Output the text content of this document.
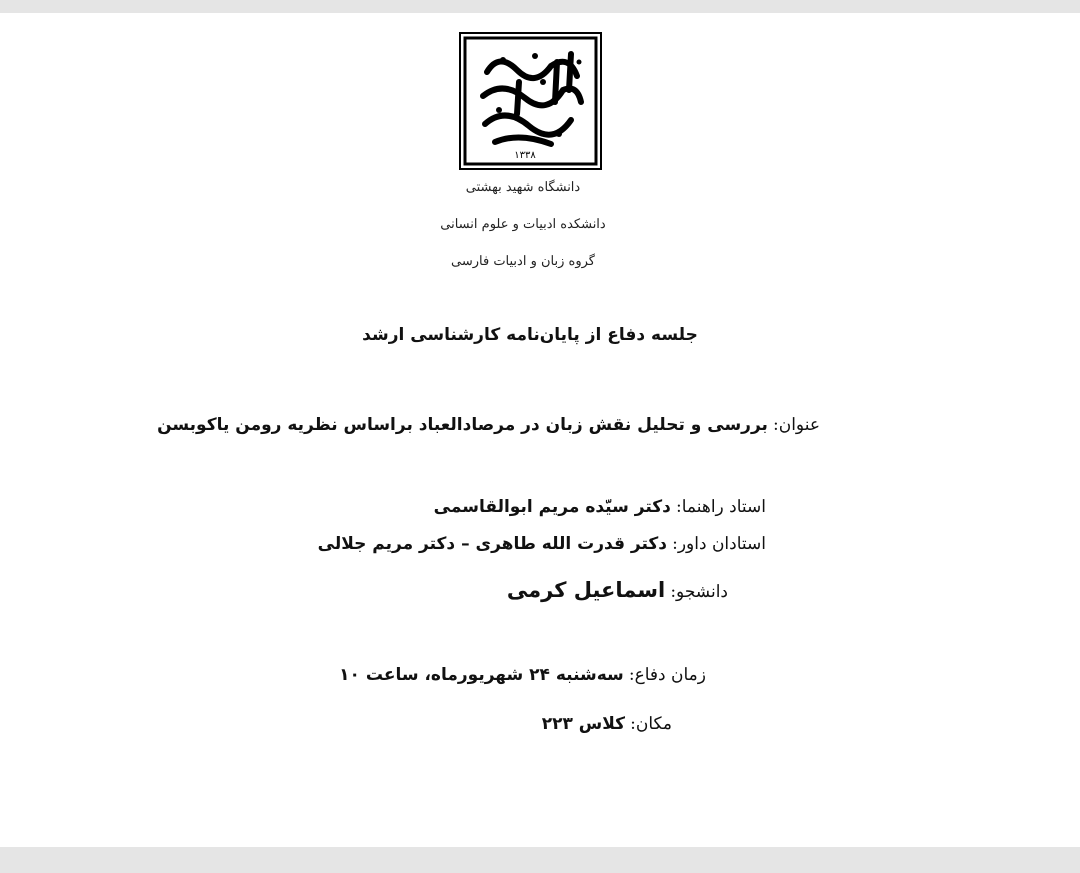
۱۳۳۸
دانشگاه شهید بهشتی
دانشکده ادبیات و علوم انسانی
گروه زبان و ادبیات فارسی
جلسه دفاع از پایان‌نامه کارشناسی ارشد
عنوان: بررسی و تحلیل نقش زبان در مرصادالعباد براساس نظریه رومن یاکوبسن
استاد راهنما: دکتر سیّده مریم ابوالقاسمی
استادان داور: دکتر قدرت الله طاهری – دکتر مریم جلالی
دانشجو: اسماعیل کرمی
زمان دفاع: سه‌شنبه ۲۴ شهریورماه، ساعت ۱۰
مکان: کلاس ۲۲۳
